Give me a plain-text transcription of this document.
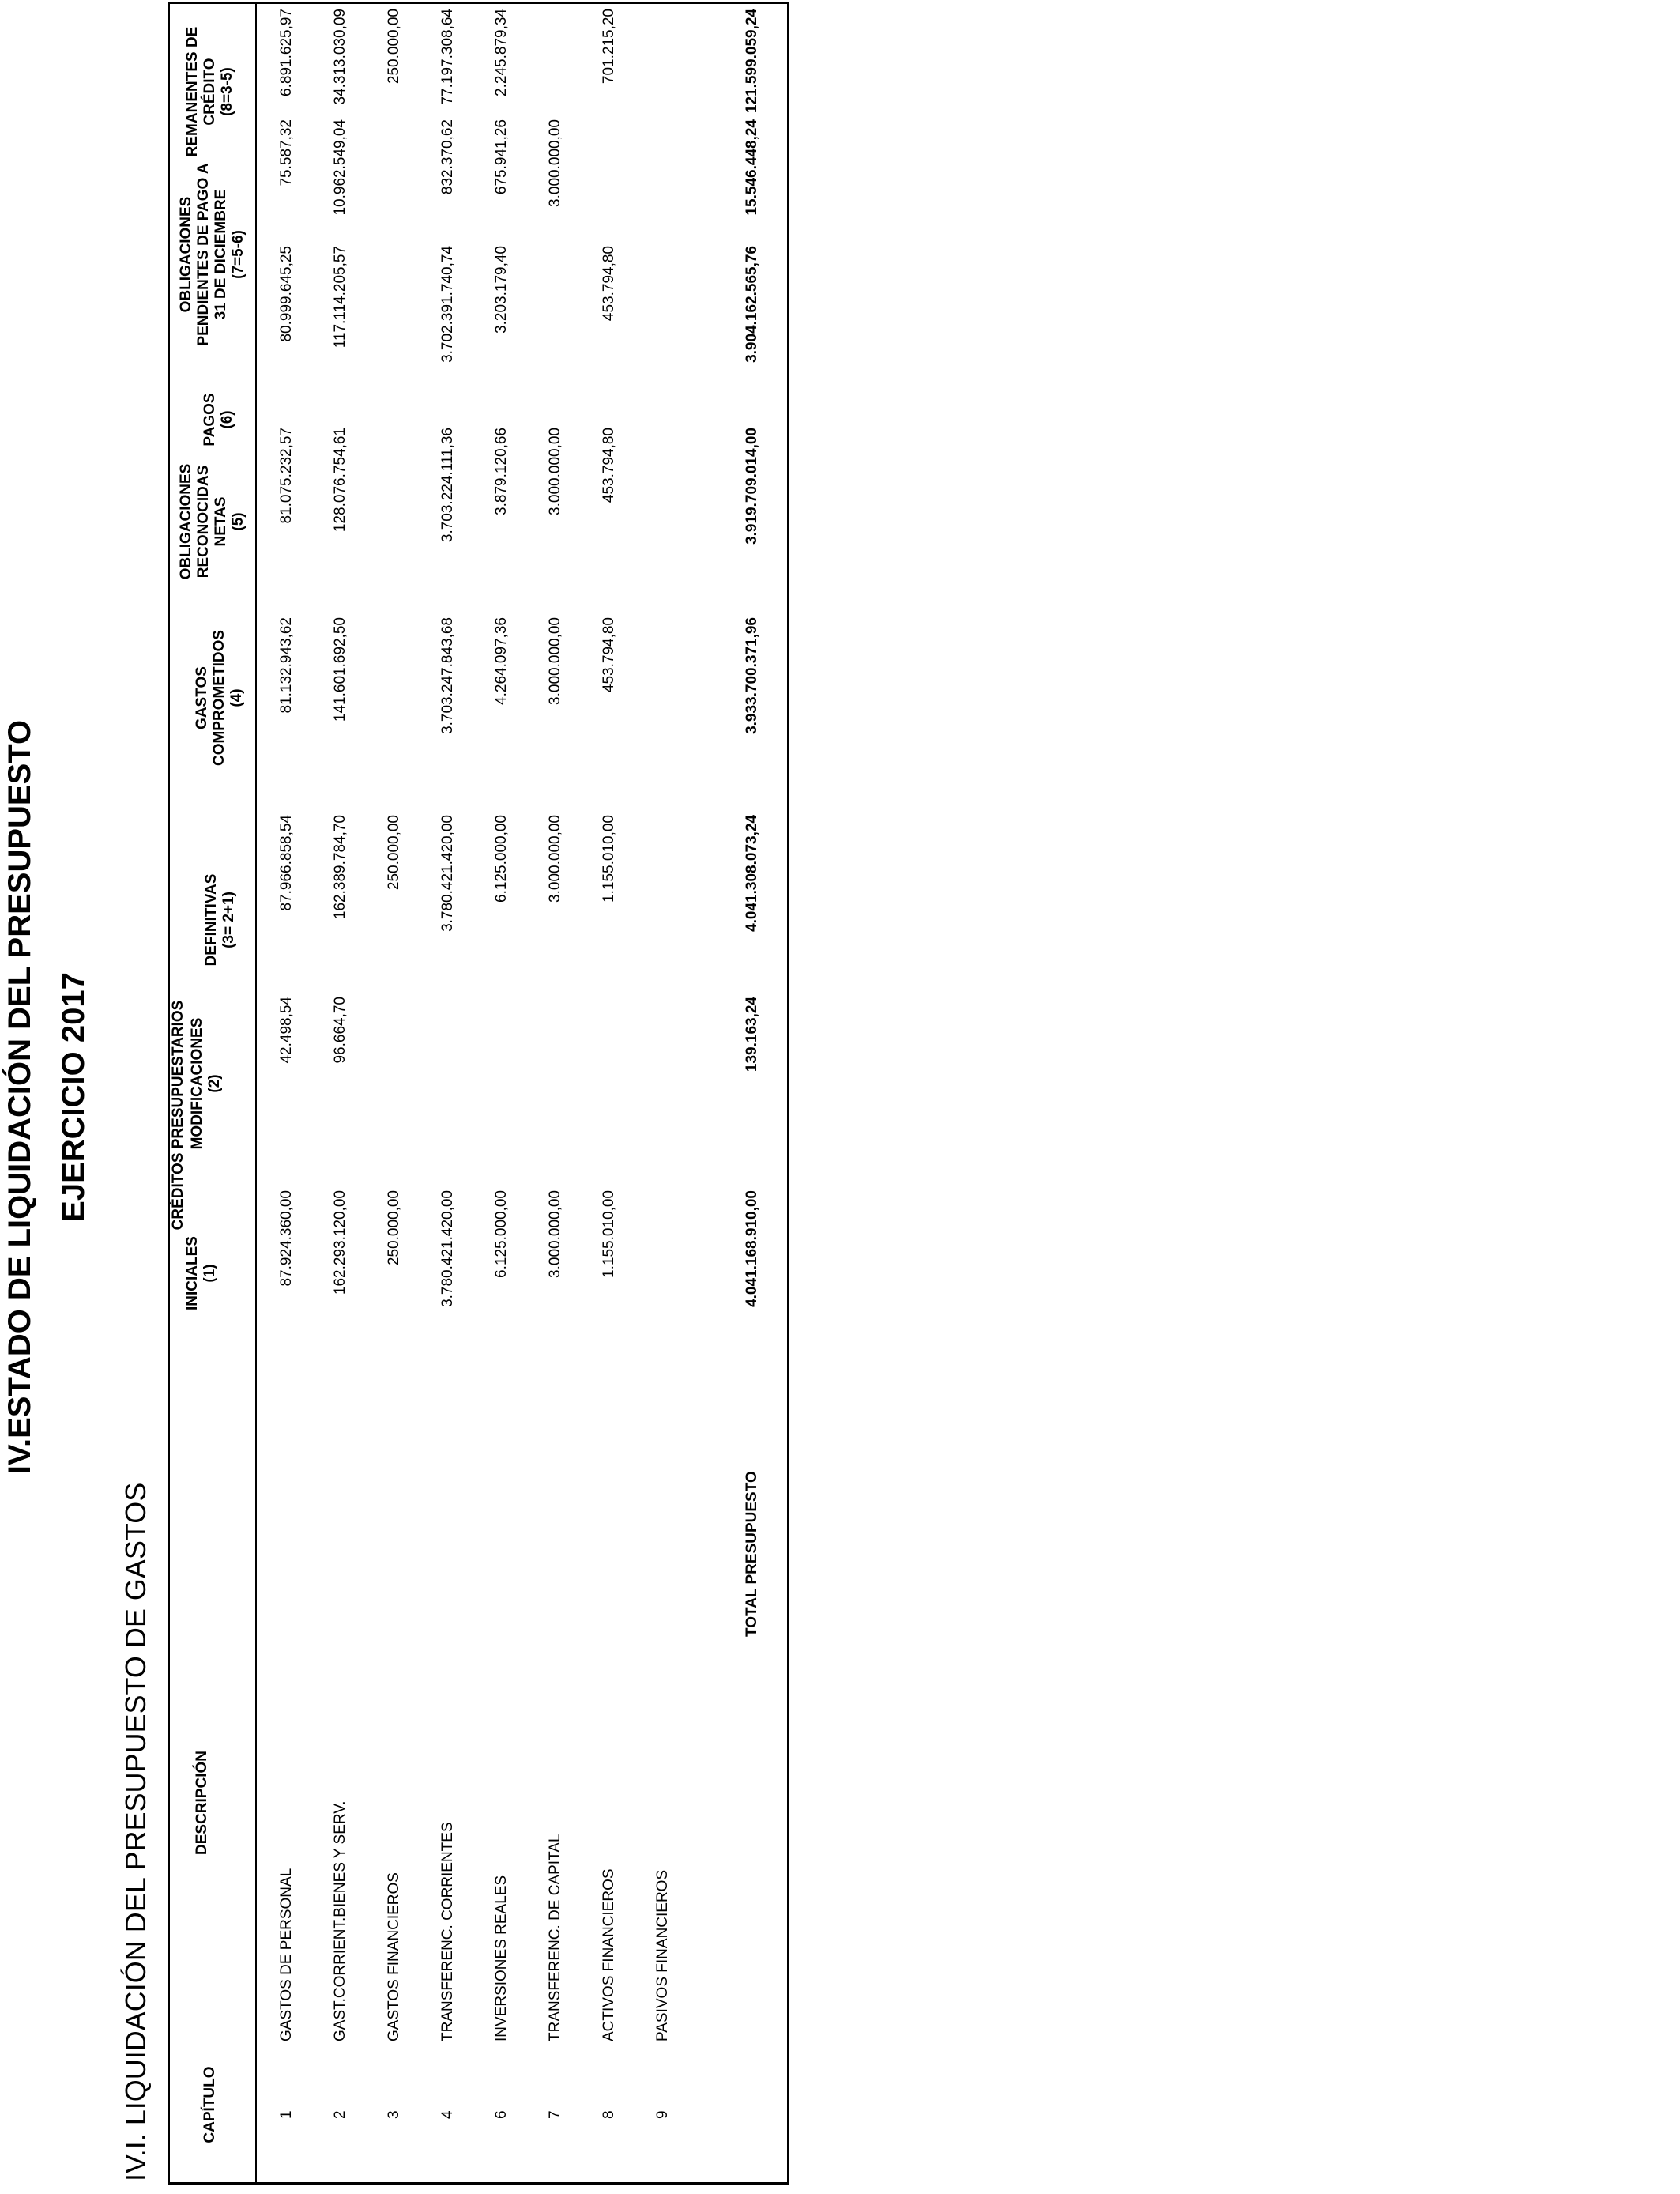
IV.ESTADO DE LIQUIDACIÓN DEL PRESUPUESTO EJERCICIO 2017
IV.I. LIQUIDACIÓN DEL PRESUPUESTO DE GASTOS	CAPÍTULO
DESCRIPCIÓN
CRÉDITOS PRESUPUESTARIOS
INICIALES (1)
MODIFICACIONES (2)
DEFINITIVAS (3= 2+1)
GASTOS COMPROMETIDOS (4)
OBLIGACIONES RECONOCIDAS NETAS (5)
PAGOS (6)
OBLIGACIONES PENDIENTES DE PAGO A 31 DE DICIEMBRE (7=5-6)
REMANENTES DE CRÉDITO (8=3-5)
1
GASTOS DE PERSONAL
87.924.360,00
42.498,54
87.966.858,54
81.132.943,62
81.075.232,57
80.999.645,25
75.587,32
6.891.625,97
2
GAST.CORRIENT.BIENES Y SERV.
162.293.120,00
96.664,70
162.389.784,70
141.601.692,50
128.076.754,61
117.114.205,57
10.962.549,04
34.313.030,09
3
GASTOS FINANCIEROS
250.000,00
250.000,00
250.000,00
4
TRANSFERENC. CORRIENTES
3.780.421.420,00
3.780.421.420,00
3.703.247.843,68
3.703.224.111,36
3.702.391.740,74
832.370,62
77.197.308,64
6
INVERSIONES REALES
6.125.000,00
6.125.000,00
4.264.097,36
3.879.120,66
3.203.179,40
675.941,26
2.245.879,34
7
TRANSFERENC. DE CAPITAL
3.000.000,00
3.000.000,00
3.000.000,00
3.000.000,00
3.000.000,00
8
ACTIVOS FINANCIEROS
1.155.010,00
1.155.010,00
453.794,80
453.794,80
453.794,80
701.215,20
9
PASIVOS FINANCIEROS
TOTAL PRESUPUESTO
4.041.168.910,00
139.163,24
4.041.308.073,24
3.933.700.371,96
3.919.709.014,00
3.904.162.565,76
15.546.448,24
121.599.059,24
